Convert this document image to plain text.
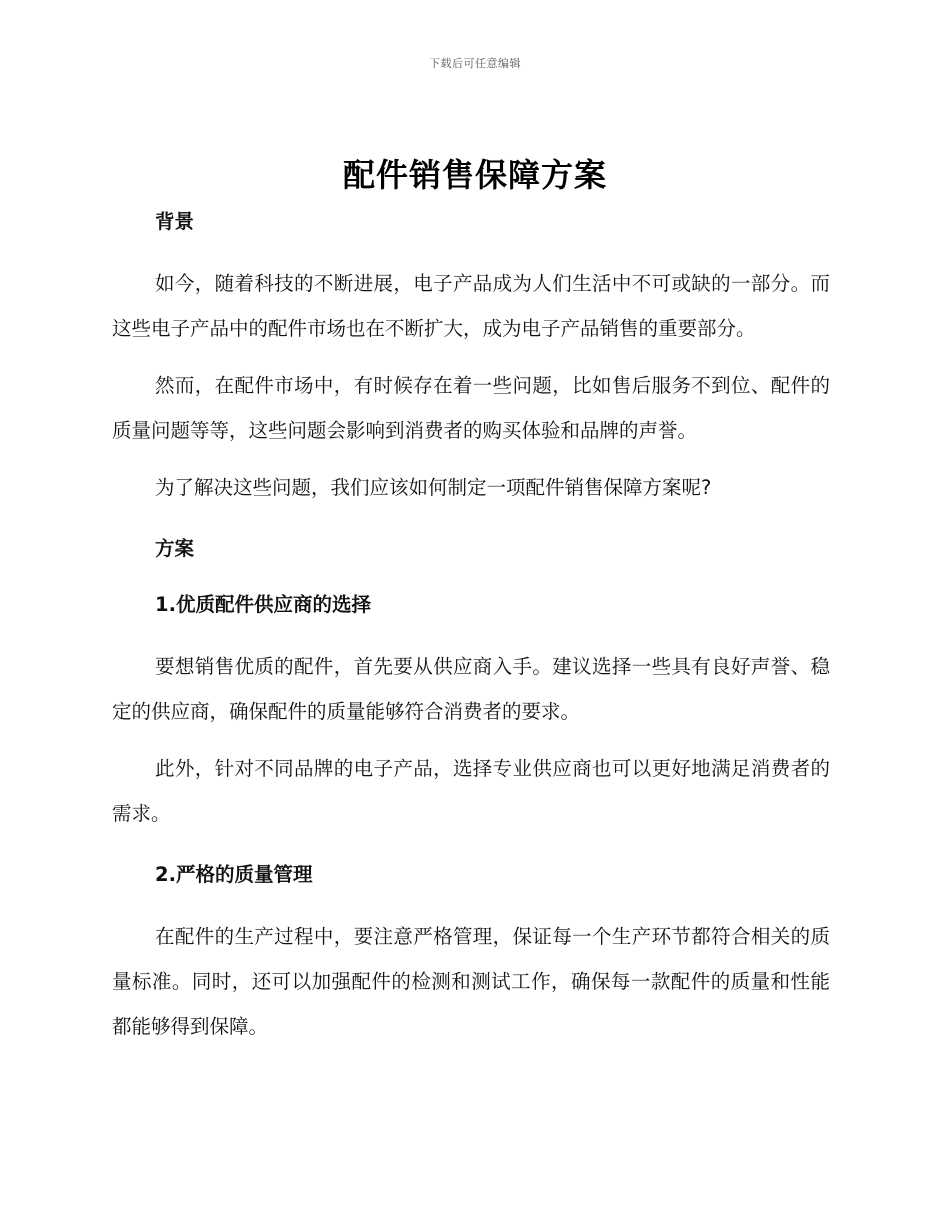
下载后可任意编辑
配件销售保障方案

背景

如今，随着科技的不断进展，电子产品成为人们生活中不可或缺的一部分。而这些电子产品中的配件市场也在不断扩大，成为电子产品销售的重要部分。

然而，在配件市场中，有时候存在着一些问题，比如售后服务不到位、配件的质量问题等等，这些问题会影响到消费者的购买体验和品牌的声誉。

为了解决这些问题，我们应该如何制定一项配件销售保障方案呢?

方案

1.优质配件供应商的选择

要想销售优质的配件，首先要从供应商入手。建议选择一些具有良好声誉、稳定的供应商，确保配件的质量能够符合消费者的要求。

此外，针对不同品牌的电子产品，选择专业供应商也可以更好地满足消费者的需求。

2.严格的质量管理

在配件的生产过程中，要注意严格管理，保证每一个生产环节都符合相关的质量标准。同时，还可以加强配件的检测和测试工作，确保每一款配件的质量和性能都能够得到保障。
